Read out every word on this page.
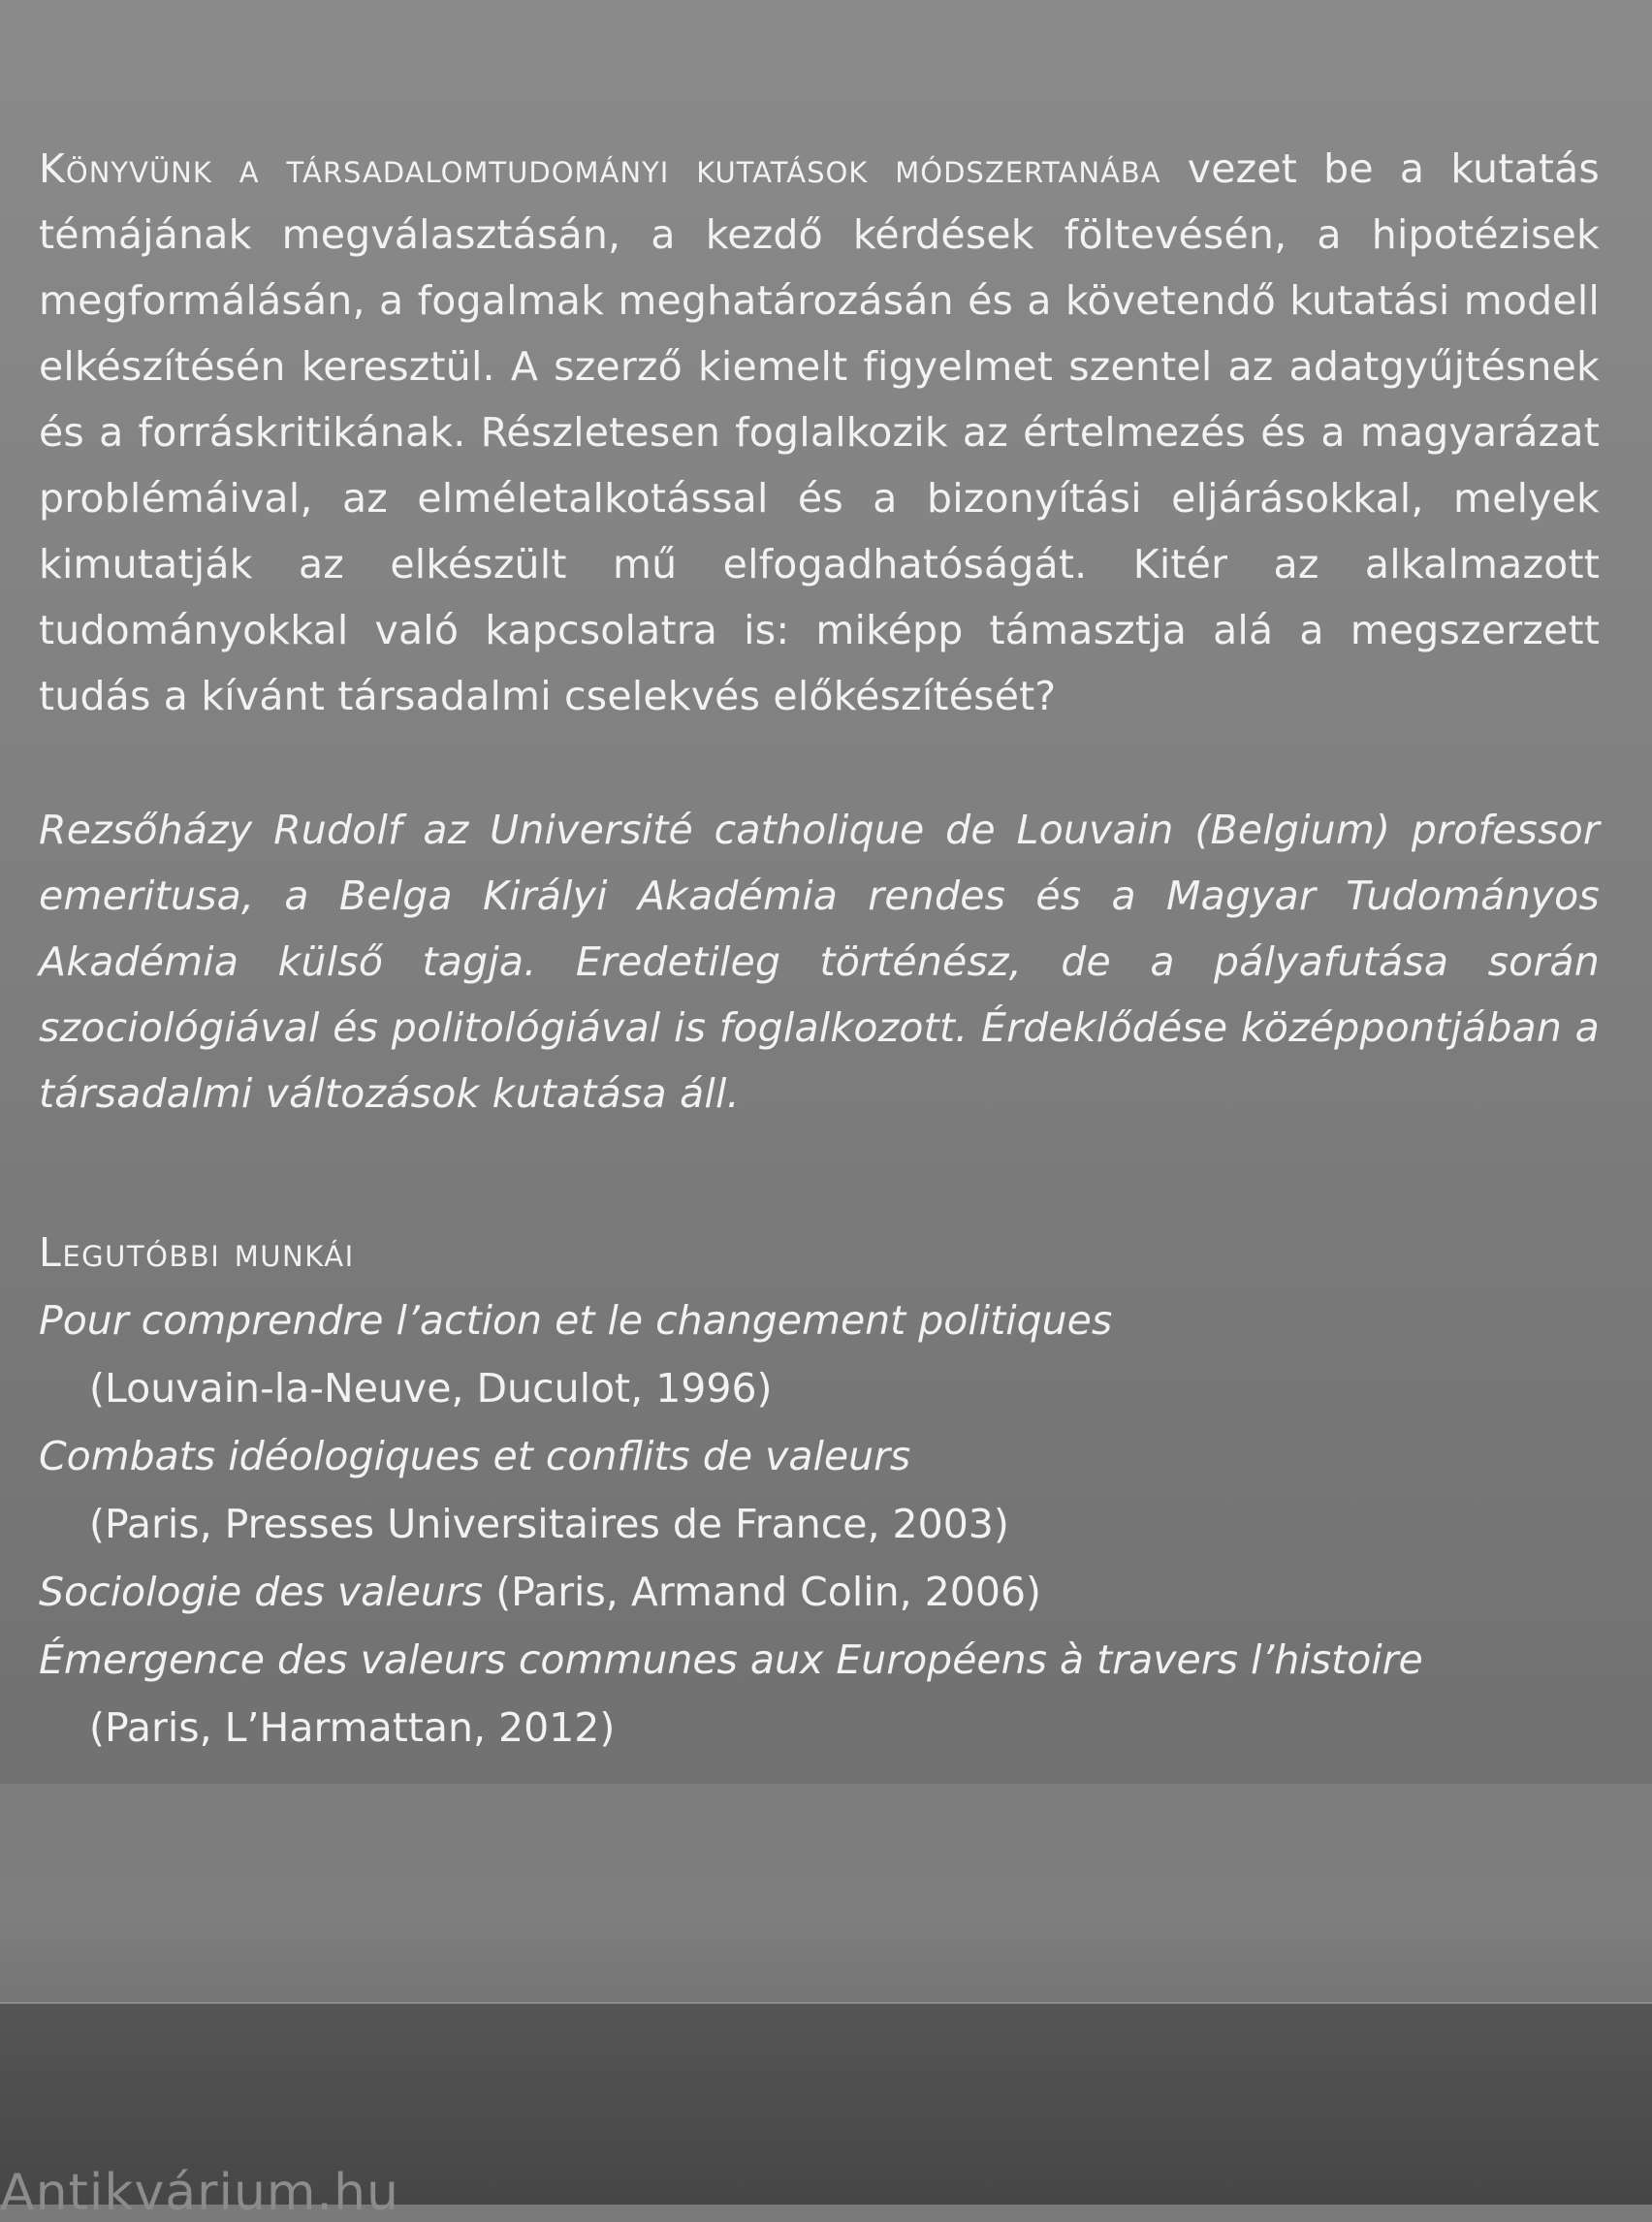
Könyvünk a társadalomtudományi kutatások módszertanába vezet be a kutatás témájának megválasztásán, a kezdő kérdések föltevésén, a hipotézisek megformálásán, a fogalmak meghatározásán és a követendő kutatási modell elkészítésén keresztül. A szerző kiemelt figyelmet szentel az adatgyűjtésnek és a forráskritikának. Részletesen foglalkozik az értelmezés és a magyarázat problémáival, az elméletalkotással és a bizonyítási eljárásokkal, melyek kimutatják az elkészült mű elfogadhatóságát. Kitér az alkalmazott tudományokkal való kapcsolatra is: miképp támasztja alá a megszerzett tudás a kívánt társadalmi cselekvés előkészítését?

Rezsőházy Rudolf az Université catholique de Louvain (Belgium) professor emeritusa, a Belga Királyi Akadémia rendes és a Magyar Tudományos Akadémia külső tagja. Eredetileg történész, de a pályafutása során szociológiával és politológiával is foglalkozott. Érdeklődése középpontjában a társadalmi változások kutatása áll.

Legutóbbi munkái

Pour comprendre l’action et le changement politiques
(Louvain-la-Neuve, Duculot, 1996)

Combats idéologiques et conflits de valeurs
(Paris, Presses Universitaires de France, 2003)

Sociologie des valeurs (Paris, Armand Colin, 2006)

Émergence des valeurs communes aux Européens à travers l’histoire
(Paris, L’Harmattan, 2012)

Antikvárium.hu
